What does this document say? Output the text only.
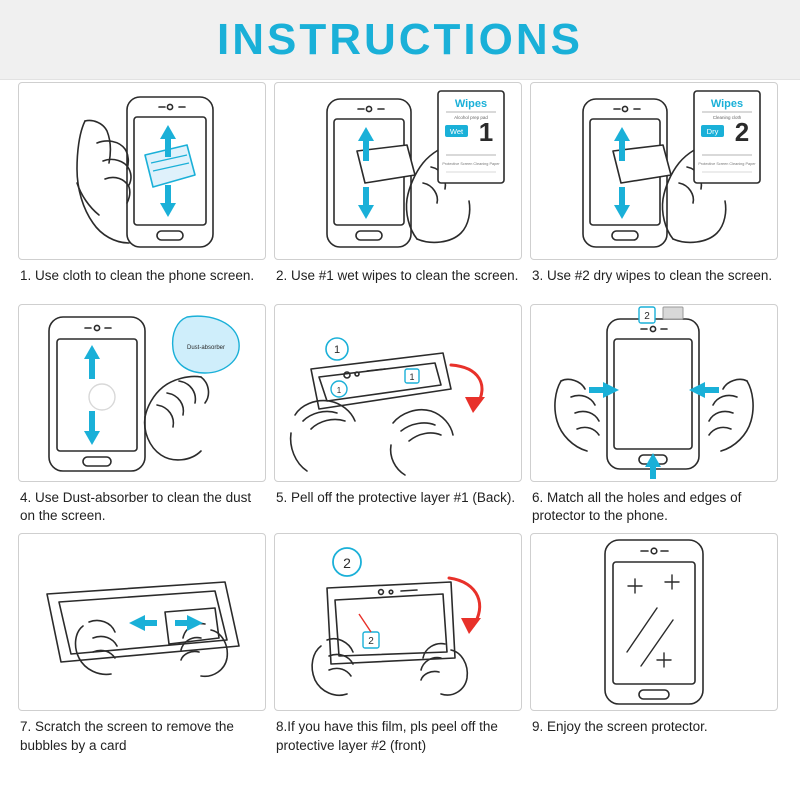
INSTRUCTIONS
1. Use cloth to clean the phone screen.
Wipes
Alcohol prep pad
Wet 1
Protective Screen Cleaning Paper
2. Use #1 wet wipes to clean the screen.
Wipes
Cleaning cloth
Dry 2
Protective Screen Cleaning Paper
3. Use #2 dry wipes to clean the screen.
Dust-absorber
4. Use Dust-absorber to clean the dust on the screen.
1
1
1
5. Pell off the protective layer #1 (Back).
2
6. Match all the holes and edges of protector to the phone.
7. Scratch the screen to remove the bubbles by a card
2
2
8.If you have this film, pls peel off the protective layer #2 (front)
9. Enjoy the screen protector.
